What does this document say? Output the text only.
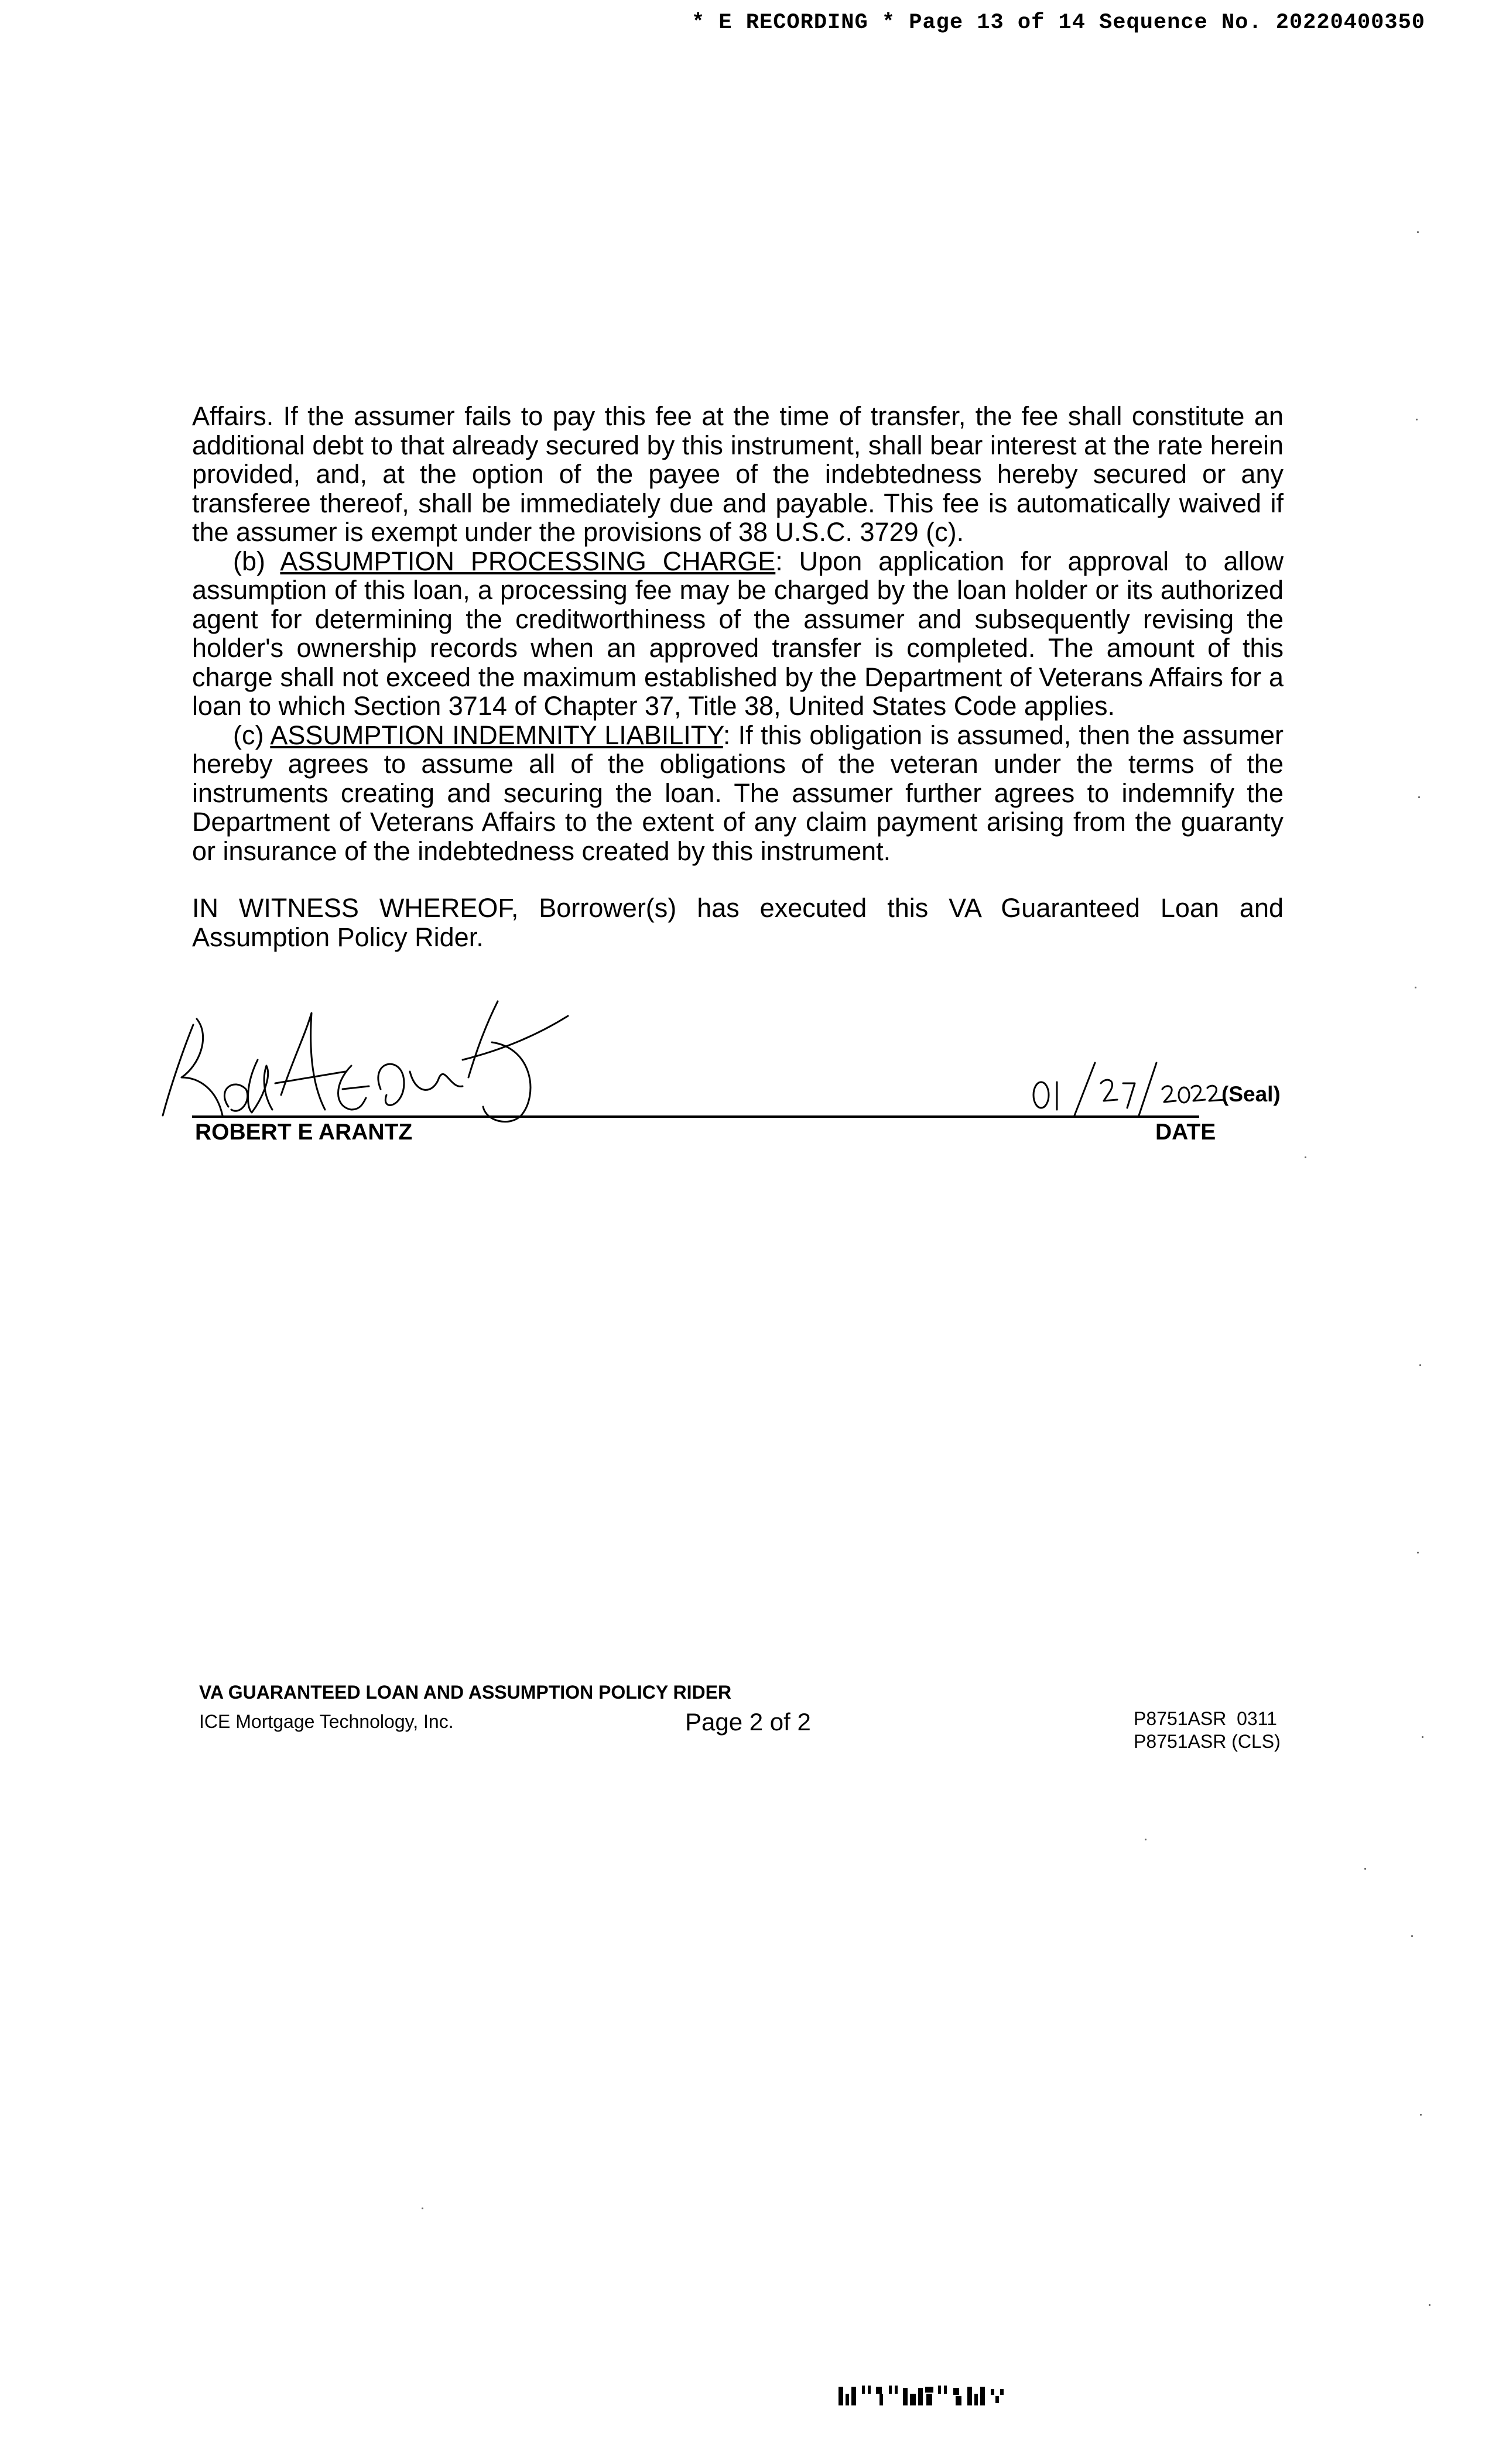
* E RECORDING * Page 13 of 14 Sequence No. 20220400350
Affairs. If the assumer fails to pay this fee at the time of transfer, the fee shall constitute an additional debt to that already secured by this instrument, shall bear interest at the rate herein provided, and, at the option of the payee of the indebtedness hereby secured or any transferee thereof, shall be immediately due and payable. This fee is automatically waived if the assumer is exempt under the provisions of 38 U.S.C. 3729 (c).
(b) ASSUMPTION PROCESSING CHARGE: Upon application for approval to allow assumption of this loan, a processing fee may be charged by the loan holder or its authorized agent for determining the creditworthiness of the assumer and subsequently revising the holder's ownership records when an approved transfer is completed. The amount of this charge shall not exceed the maximum established by the Department of Veterans Affairs for a loan to which Section 3714 of Chapter 37, Title 38, United States Code applies.
(c) ASSUMPTION INDEMNITY LIABILITY: If this obligation is assumed, then the assumer hereby agrees to assume all of the obligations of the veteran under the terms of the instruments creating and securing the loan. The assumer further agrees to indemnify the Department of Veterans Affairs to the extent of any claim payment arising from the guaranty or insurance of the indebtedness created by this instrument.
IN WITNESS WHEREOF, Borrower(s) has executed this VA Guaranteed Loan and Assumption Policy Rider.
(Seal)
ROBERT E ARANTZ	DATE
VA GUARANTEED LOAN AND ASSUMPTION POLICY RIDER
ICE Mortgage Technology, Inc.	Page 2 of 2	P8751ASR  0311
P8751ASR (CLS)
